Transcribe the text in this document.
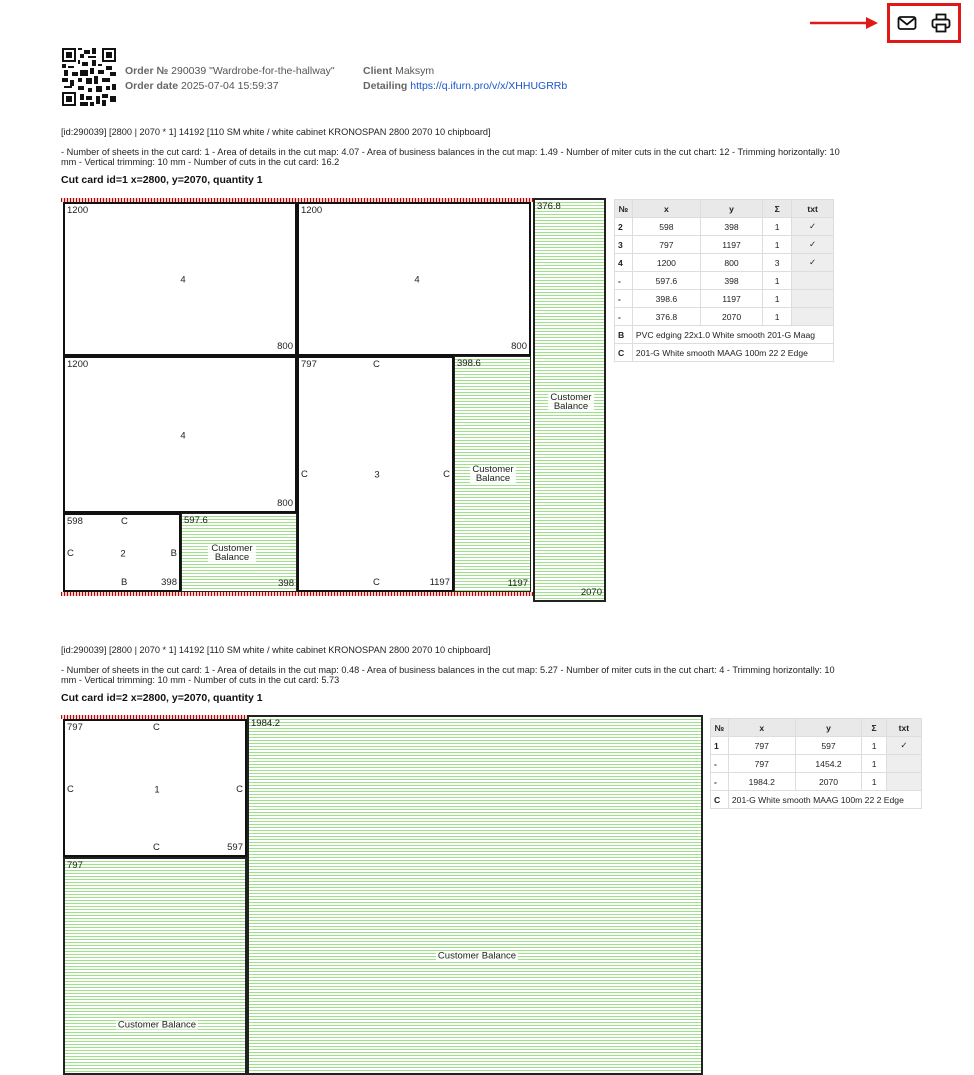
Order № 290039 "Wardrobe-for-the-hallway"
Order date 2025-07-04 15:59:37
Client Maksym
Detailing https://q.ifurn.pro/v/x/XHHUGRRb
[id:290039] [2800 | 2070 * 1] 14192 [110 SM white / white cabinet KRONOSPAN 2800 2070 10 chipboard]
- Number of sheets in the cut card: 1 - Area of details in the cut map: 4.07 - Area of business balances in the cut map: 1.49 - Number of miter cuts in the cut chart: 12 - Trimming horizontally: 10
mm - Vertical trimming: 10 mm - Number of cuts in the cut card: 16.2
Cut card id=1 x=2800, y=2070, quantity 1
1200
4
800
1200
4
800
1200
4
800
797	C
C	3	C
C	1197
598	C
C	2	B
B	398
597.6
Customer Balance
398
398.6
Customer Balance
1197
376.8
Customer Balance
2070
№	x	y	Σ	txt
2	598	398	1	✓
3	797	1197	1	✓
4	1200	800	3	✓
-	597.6	398	1	
-	398.6	1197	1	
-	376.8	2070	1	
B	PVC edging 22x1.0 White smooth 201-G Maag			
C	201-G White smooth MAAG 100m 22 2 Edge			
[id:290039] [2800 | 2070 * 1] 14192 [110 SM white / white cabinet KRONOSPAN 2800 2070 10 chipboard]
- Number of sheets in the cut card: 1 - Area of details in the cut map: 0.48 - Area of business balances in the cut map: 5.27 - Number of miter cuts in the cut chart: 4 - Trimming horizontally: 10
mm - Vertical trimming: 10 mm - Number of cuts in the cut card: 5.73
Cut card id=2 x=2800, y=2070, quantity 1
797	C
C	1	C
C	597
797
Customer Balance
1984.2
Customer Balance
№	x	y	Σ	txt
1	797	597	1	✓
-	797	1454.2	1	
-	1984.2	2070	1	
C	201-G White smooth MAAG 100m 22 2 Edge			
